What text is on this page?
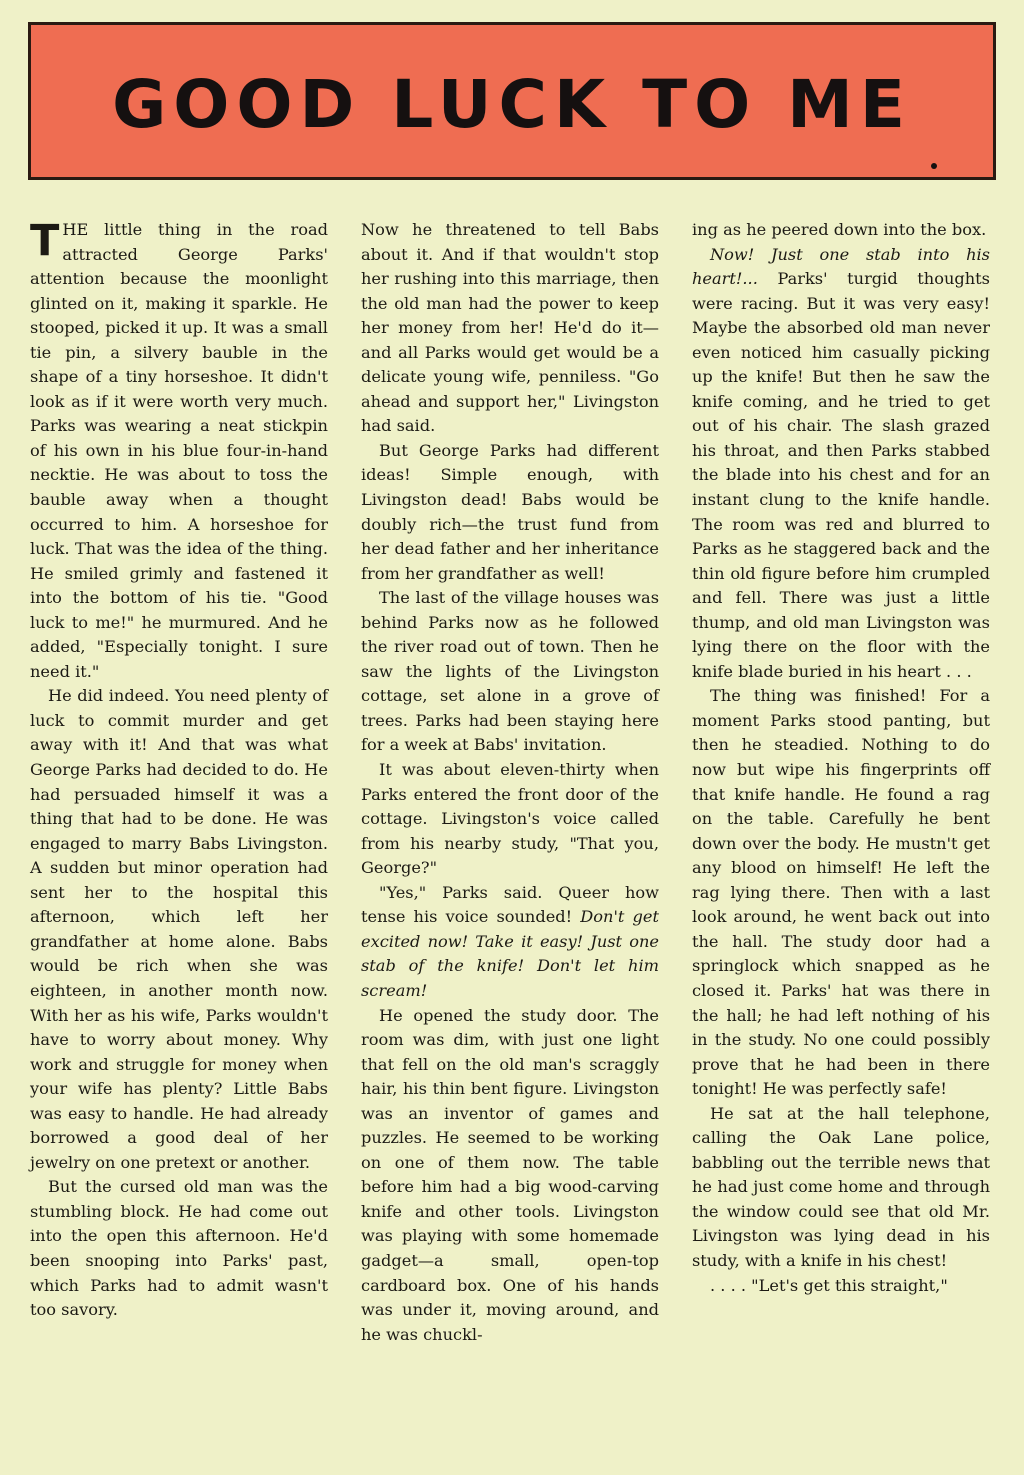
GOOD LUCK TO ME

THE little thing in the road attracted George Parks' attention because the moonlight glinted on it, making it sparkle. He stooped, picked it up. It was a small tie pin, a silvery bauble in the shape of a tiny horseshoe. It didn't look as if it were worth very much. Parks was wearing a neat stickpin of his own in his blue four-in-hand necktie. He was about to toss the bauble away when a thought occurred to him. A horseshoe for luck. That was the idea of the thing. He smiled grimly and fastened it into the bottom of his tie. "Good luck to me!" he murmured. And he added, "Especially tonight. I sure need it."

He did indeed. You need plenty of luck to commit murder and get away with it! And that was what George Parks had decided to do. He had persuaded himself it was a thing that had to be done. He was engaged to marry Babs Livingston. A sudden but minor operation had sent her to the hospital this afternoon, which left her grandfather at home alone. Babs would be rich when she was eighteen, in another month now. With her as his wife, Parks wouldn't have to worry about money. Why work and struggle for money when your wife has plenty? Little Babs was easy to handle. He had already borrowed a good deal of her jewelry on one pretext or another.

But the cursed old man was the stumbling block. He had come out into the open this afternoon. He'd been snooping into Parks' past, which Parks had to admit wasn't too savory.

Now he threatened to tell Babs about it. And if that wouldn't stop her rushing into this marriage, then the old man had the power to keep her money from her! He'd do it—and all Parks would get would be a delicate young wife, penniless. "Go ahead and support her," Livingston had said.

But George Parks had different ideas! Simple enough, with Livingston dead! Babs would be doubly rich—the trust fund from her dead father and her inheritance from her grandfather as well!

The last of the village houses was behind Parks now as he followed the river road out of town. Then he saw the lights of the Livingston cottage, set alone in a grove of trees. Parks had been staying here for a week at Babs' invitation.

It was about eleven-thirty when Parks entered the front door of the cottage. Livingston's voice called from his nearby study, "That you, George?"

"Yes," Parks said. Queer how tense his voice sounded! Don't get excited now! Take it easy! Just one stab of the knife! Don't let him scream!

He opened the study door. The room was dim, with just one light that fell on the old man's scraggly hair, his thin bent figure. Livingston was an inventor of games and puzzles. He seemed to be working on one of them now. The table before him had a big wood-carving knife and other tools. Livingston was playing with some homemade gadget—a small, open-top cardboard box. One of his hands was under it, moving around, and he was chuckl-

ing as he peered down into the box.

Now! Just one stab into his heart!... Parks' turgid thoughts were racing. But it was very easy! Maybe the absorbed old man never even noticed him casually picking up the knife! But then he saw the knife coming, and he tried to get out of his chair. The slash grazed his throat, and then Parks stabbed the blade into his chest and for an instant clung to the knife handle. The room was red and blurred to Parks as he staggered back and the thin old figure before him crumpled and fell. There was just a little thump, and old man Livingston was lying there on the floor with the knife blade buried in his heart . . .

The thing was finished! For a moment Parks stood panting, but then he steadied. Nothing to do now but wipe his fingerprints off that knife handle. He found a rag on the table. Carefully he bent down over the body. He mustn't get any blood on himself! He left the rag lying there. Then with a last look around, he went back out into the hall. The study door had a springlock which snapped as he closed it. Parks' hat was there in the hall; he had left nothing of his in the study. No one could possibly prove that he had been in there tonight! He was perfectly safe!

He sat at the hall telephone, calling the Oak Lane police, babbling out the terrible news that he had just come home and through the window could see that old Mr. Livingston was lying dead in his study, with a knife in his chest!

. . . . "Let's get this straight,"
